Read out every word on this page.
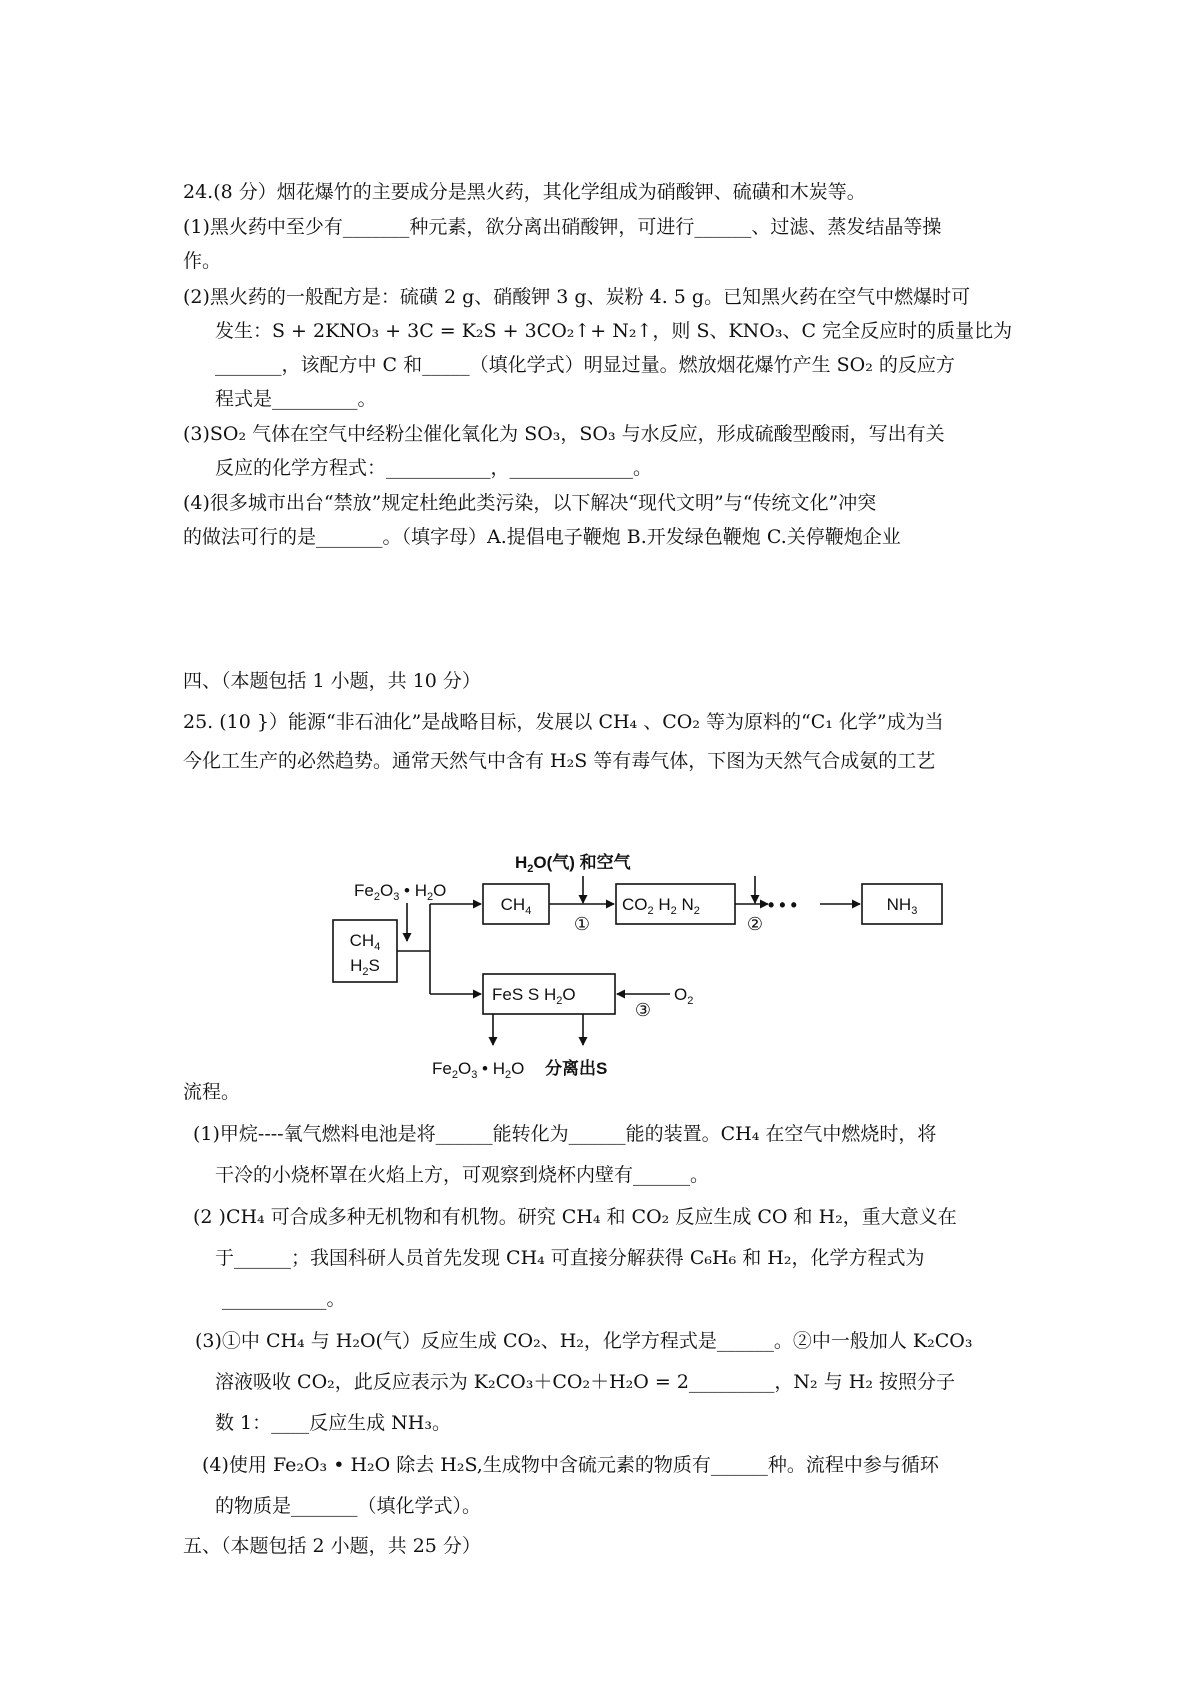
24.(8 分）烟花爆竹的主要成分是黑火药，其化学组成为硝酸钾、硫磺和木炭等。
(1)黑火药中至少有_______种元素，欲分离出硝酸钾，可进行______、过滤、蒸发结晶等操
作。
(2)黑火药的一般配方是：硫磺 2 g、硝酸钾 3 g、炭粉 4. 5 g。已知黑火药在空气中燃爆时可
发生：S + 2KNO₃ + 3C = K₂S + 3CO₂↑+ N₂↑，则 S、KNO₃、C 完全反应时的质量比为
_______，该配方中 C 和_____（填化学式）明显过量。燃放烟花爆竹产生 SO₂ 的反应方
程式是_________。
(3)SO₂ 气体在空气中经粉尘催化氧化为 SO₃，SO₃ 与水反应，形成硫酸型酸雨，写出有关
反应的化学方程式：___________，_____________。
(4)很多城市出台“禁放”规定杜绝此类污染，以下解决“现代文明”与“传统文化”冲突
的做法可行的是_______。（填字母）A.提倡电子鞭炮 B.开发绿色鞭炮 C.关停鞭炮企业
四、（本题包括 1 小题，共 10 分）
25. (10 }）能源“非石油化”是战略目标，发展以 CH₄ 、CO₂ 等为原料的“C₁ 化学”成为当
今化工生产的必然趋势。通常天然气中含有 H₂S 等有毒气体，下图为天然气合成氨的工艺
$CH_4$
$H_2S$
$Fe_2O_3$ • $H_2O$
$CH_4$
$H_2O$(气) 和空气
①
$CO_2$ $H_2$ $N_2$
②
• • •	$NH_3$
FeS S $H_2O$	$O_2$
③
$Fe_2O_3$ • $H_2O$ 分离出S
流程。
(1)甲烷----氧气燃料电池是将______能转化为______能的装置。CH₄ 在空气中燃烧时，将
干冷的小烧杯罩在火焰上方，可观察到烧杯内壁有______。
(2 )CH₄ 可合成多种无机物和有机物。研究 CH₄ 和 CO₂ 反应生成 CO 和 H₂，重大意义在
于______；我国科研人员首先发现 CH₄ 可直接分解获得 C₆H₆ 和 H₂，化学方程式为
___________。
(3)①中 CH₄ 与 H₂O(气）反应生成 CO₂、H₂，化学方程式是______。②中一般加人 K₂CO₃
溶液吸收 CO₂，此反应表示为 K₂CO₃＋CO₂＋H₂O = 2_________，N₂ 与 H₂ 按照分子
数 1：____反应生成 NH₃。
(4)使用 Fe₂O₃ • H₂O 除去 H₂S,生成物中含硫元素的物质有______种。流程中参与循环
的物质是_______（填化学式）。
五、（本题包括 2 小题，共 25 分）
